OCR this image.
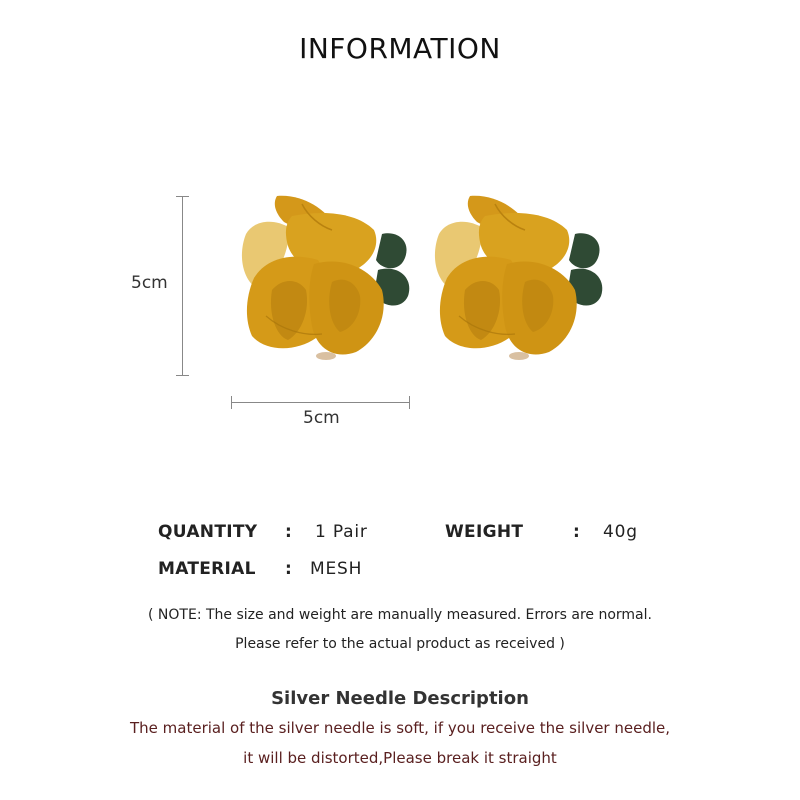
INFORMATION
5cm
5cm
QUANTITY : 1 Pair	WEIGHT	: 40g
MATERIAL : MESH
( NOTE: The size and weight are manually measured. Errors are normal.
Please refer to the actual product as received )
Silver Needle Description
The material of the silver needle is soft, if you receive the silver needle,
it will be distorted,Please break it straight
